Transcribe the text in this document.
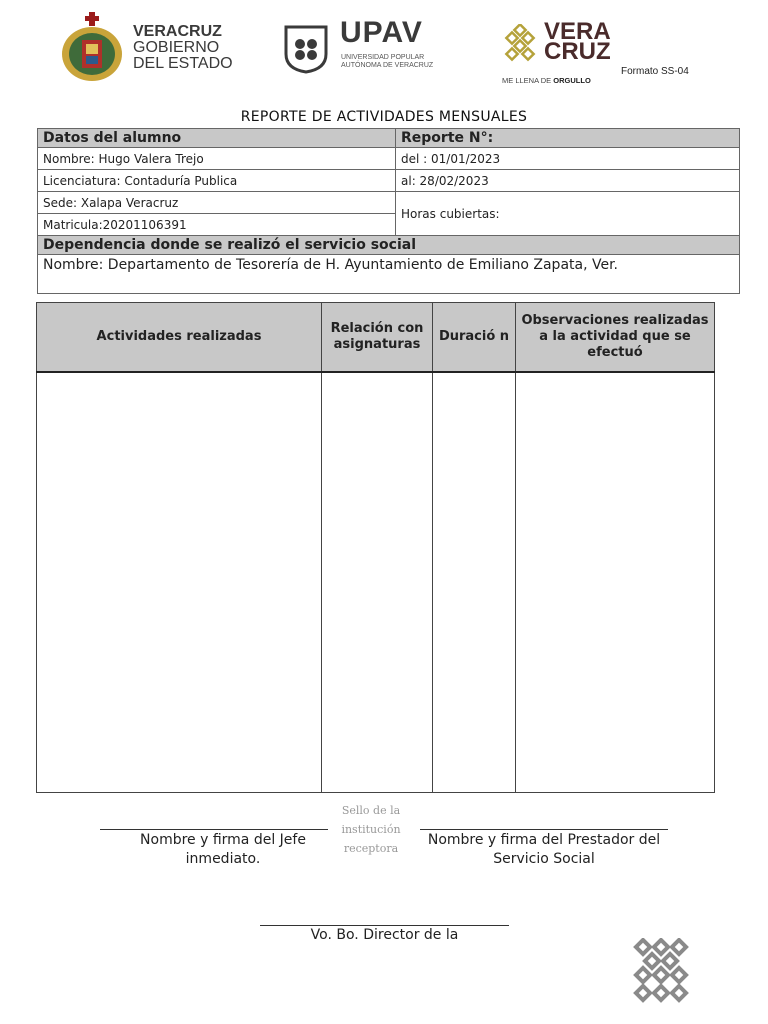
VERACRUZ
GOBIERNO
DEL ESTADO
UPAV
UNIVERSIDAD POPULAR
AUTÓNOMA DE VERACRUZ
VERA
CRUZ
ME LLENA DE ORGULLO
Formato SS-04
REPORTE DE ACTIVIDADES MENSUALES
Datos del alumno	Reporte N°:
Nombre: Hugo Valera Trejo	del : 01/01/2023
Licenciatura: Contaduría Publica	al: 28/02/2023
Sede: Xalapa Veracruz	Horas cubiertas:
Matricula:20201106391	
Dependencia donde se realizó el servicio social	
Nombre: Departamento de Tesorería de H. Ayuntamiento de Emiliano Zapata, Ver.	
Actividades realizadas	Relación con asignaturas	Duració n	Observaciones realizadas a la actividad que se efectuó

Nombre y firma del Jefe inmediato.
Sello de la institución receptora
Nombre y firma del Prestador del Servicio Social
Vo. Bo. Director de la
